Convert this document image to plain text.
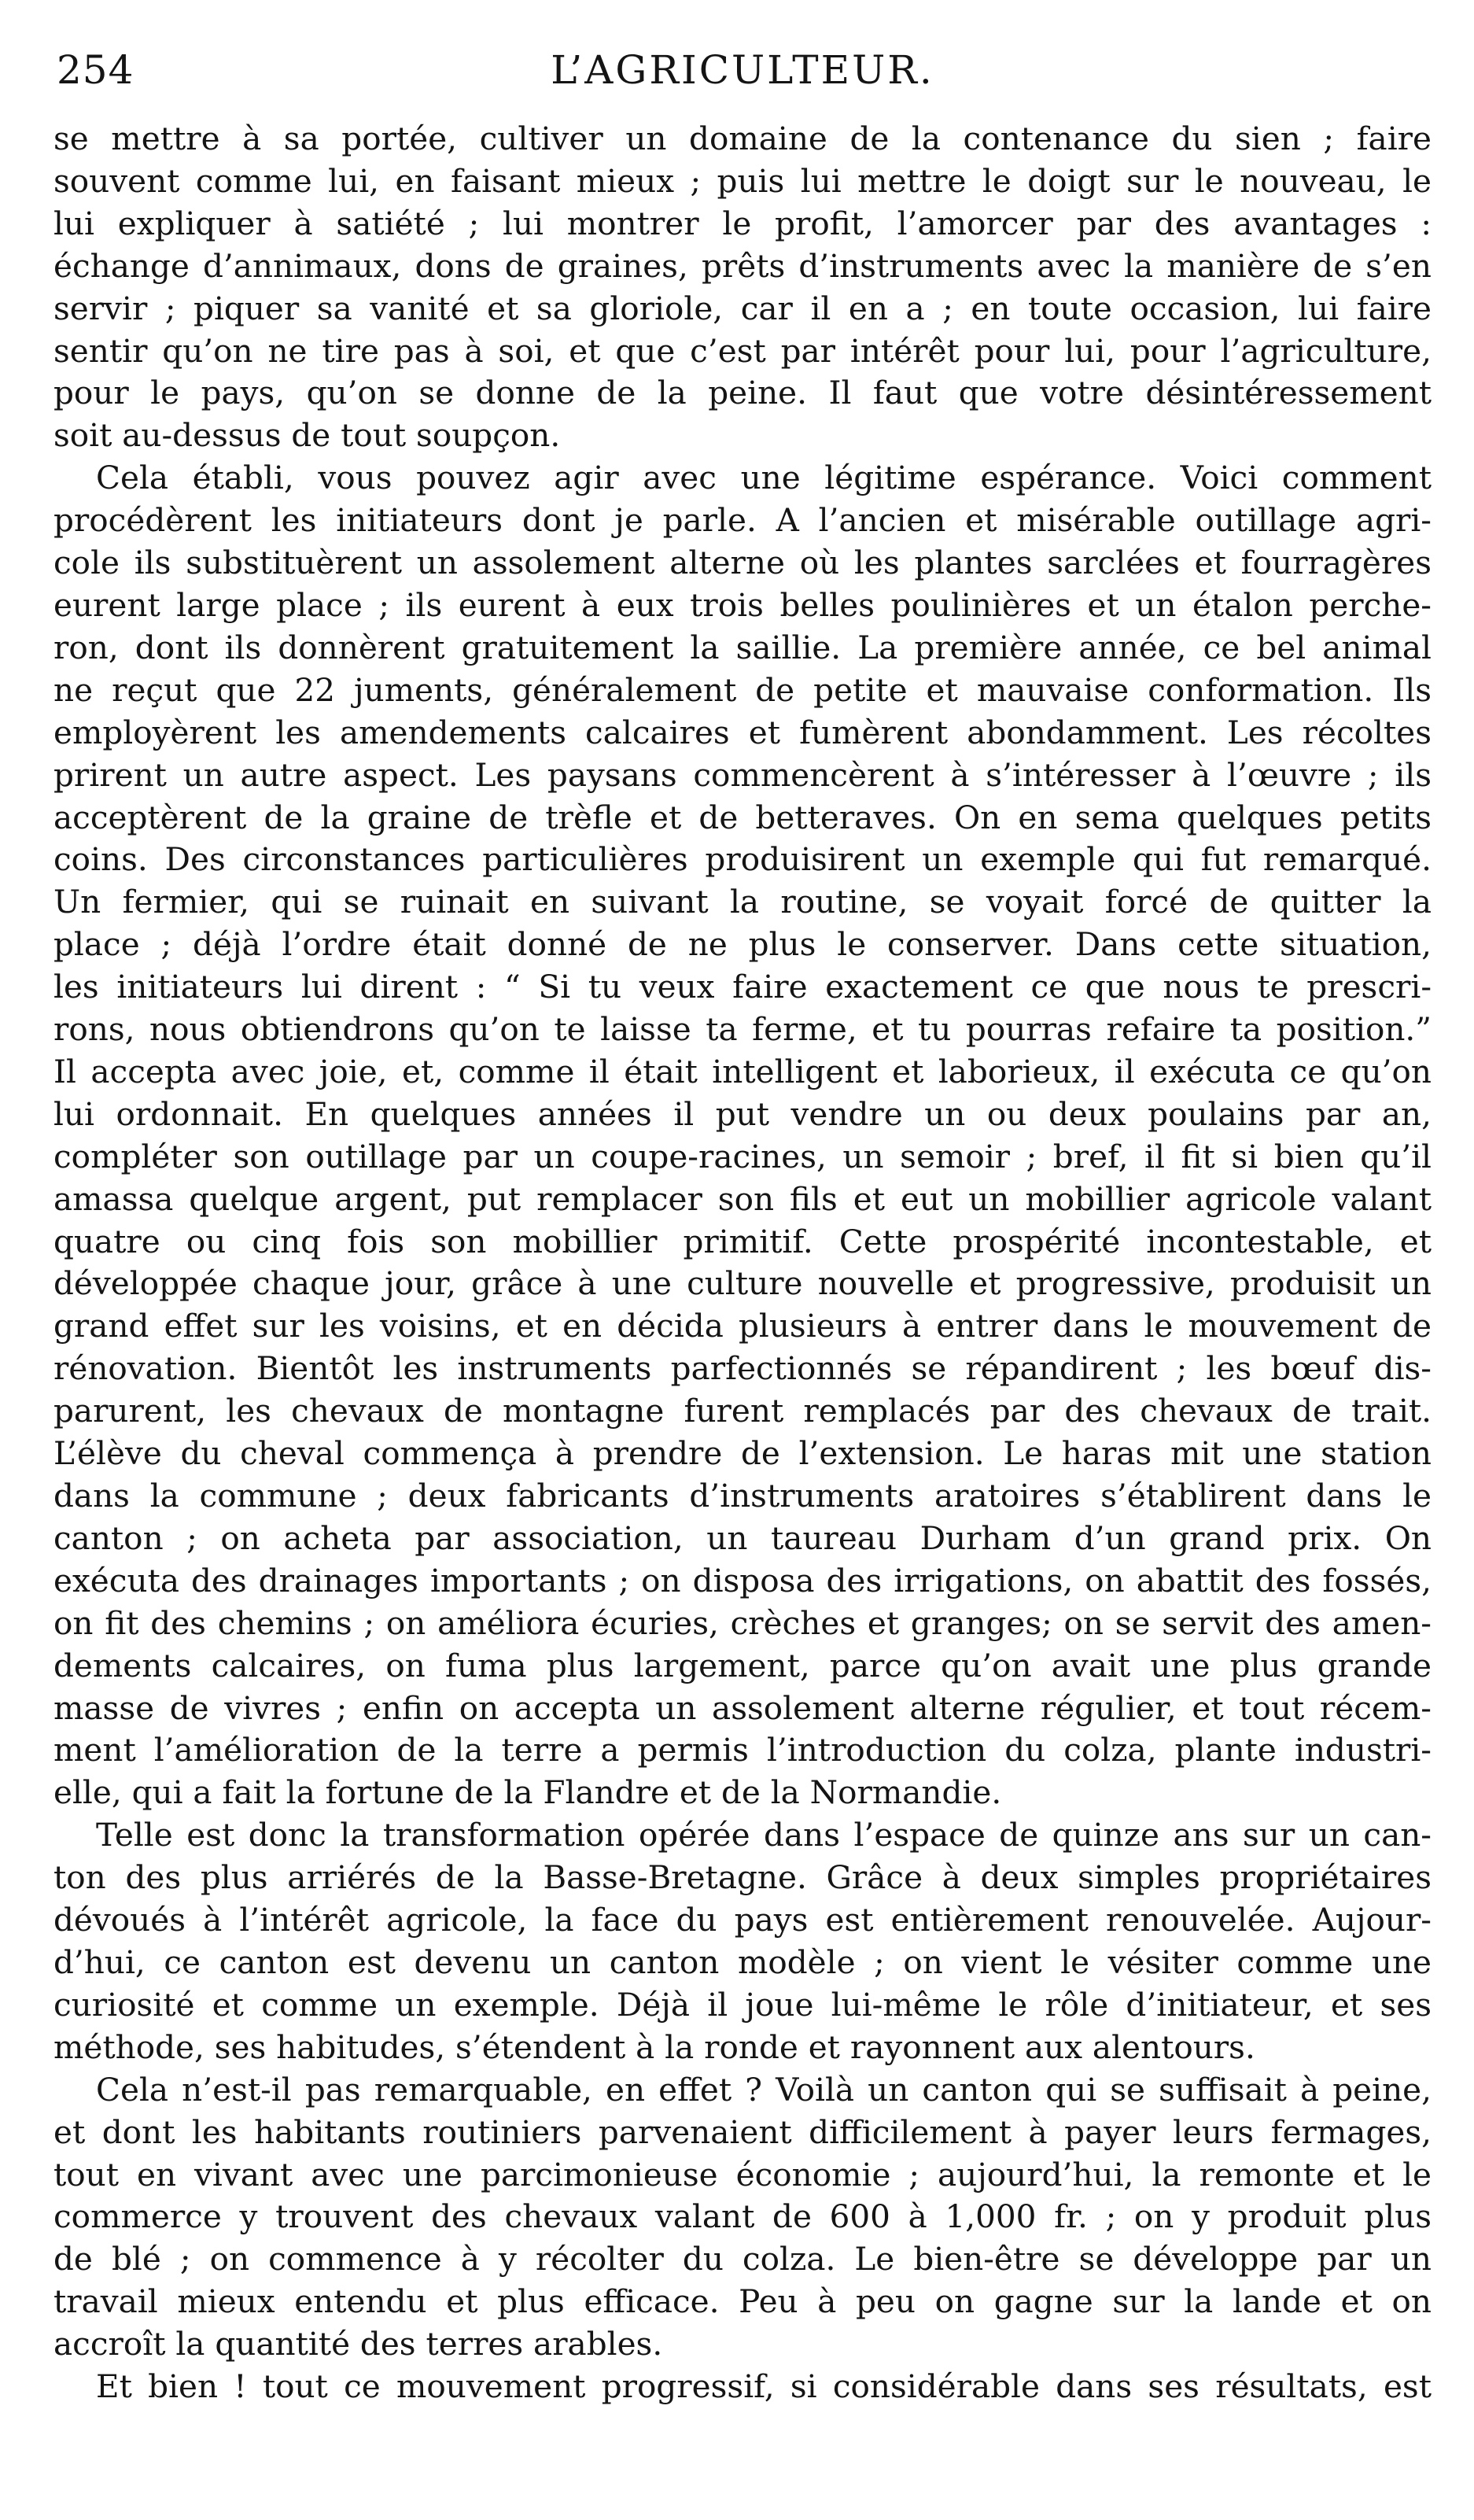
254	L’AGRICULTEUR.
se mettre à sa portée, cultiver un domaine de la contenance du sien ; faire
souvent comme lui, en faisant mieux ; puis lui mettre le doigt sur le nouveau, le
lui expliquer à satiété ; lui montrer le profit, l’amorcer par des avantages :
échange d’annimaux, dons de graines, prêts d’instruments avec la manière de s’en
servir ; piquer sa vanité et sa gloriole, car il en a ; en toute occasion, lui faire
sentir qu’on ne tire pas à soi, et que c’est par intérêt pour lui, pour l’agriculture,
pour le pays, qu’on se donne de la peine. Il faut que votre désintéressement
soit au-dessus de tout soupçon.
Cela établi, vous pouvez agir avec une légitime espérance. Voici comment
procédèrent les initiateurs dont je parle. A l’ancien et misérable outillage agri-
cole ils substituèrent un assolement alterne où les plantes sarclées et fourragères
eurent large place ; ils eurent à eux trois belles poulinières et un étalon perche-
ron, dont ils donnèrent gratuitement la saillie. La première année, ce bel animal
ne reçut que 22 juments, généralement de petite et mauvaise conformation. Ils
employèrent les amendements calcaires et fumèrent abondamment. Les récoltes
prirent un autre aspect. Les paysans commencèrent à s’intéresser à l’œuvre ; ils
acceptèrent de la graine de trèfle et de betteraves. On en sema quelques petits
coins. Des circonstances particulières produisirent un exemple qui fut remarqué.
Un fermier, qui se ruinait en suivant la routine, se voyait forcé de quitter la
place ; déjà l’ordre était donné de ne plus le conserver. Dans cette situation,
les initiateurs lui dirent : “ Si tu veux faire exactement ce que nous te prescri-
rons, nous obtiendrons qu’on te laisse ta ferme, et tu pourras refaire ta position.”
Il accepta avec joie, et, comme il était intelligent et laborieux, il exécuta ce qu’on
lui ordonnait. En quelques années il put vendre un ou deux poulains par an,
compléter son outillage par un coupe-racines, un semoir ; bref, il fit si bien qu’il
amassa quelque argent, put remplacer son fils et eut un mobillier agricole valant
quatre ou cinq fois son mobillier primitif. Cette prospérité incontestable, et
développée chaque jour, grâce à une culture nouvelle et progressive, produisit un
grand effet sur les voisins, et en décida plusieurs à entrer dans le mouvement de
rénovation. Bientôt les instruments parfectionnés se répandirent ; les bœuf dis-
parurent, les chevaux de montagne furent remplacés par des chevaux de trait.
L’élève du cheval commença à prendre de l’extension. Le haras mit une station
dans la commune ; deux fabricants d’instruments aratoires s’établirent dans le
canton ; on acheta par association, un taureau Durham d’un grand prix. On
exécuta des drainages importants ; on disposa des irrigations, on abattit des fossés,
on fit des chemins ; on améliora écuries, crèches et granges; on se servit des amen-
dements calcaires, on fuma plus largement, parce qu’on avait une plus grande
masse de vivres ; enfin on accepta un assolement alterne régulier, et tout récem-
ment l’amélioration de la terre a permis l’introduction du colza, plante industri-
elle, qui a fait la fortune de la Flandre et de la Normandie.
Telle est donc la transformation opérée dans l’espace de quinze ans sur un can-
ton des plus arriérés de la Basse-Bretagne. Grâce à deux simples propriétaires
dévoués à l’intérêt agricole, la face du pays est entièrement renouvelée. Aujour-
d’hui, ce canton est devenu un canton modèle ; on vient le vésiter comme une
curiosité et comme un exemple. Déjà il joue lui-même le rôle d’initiateur, et ses
méthode, ses habitudes, s’étendent à la ronde et rayonnent aux alentours.
Cela n’est-il pas remarquable, en effet ? Voilà un canton qui se suffisait à peine,
et dont les habitants routiniers parvenaient difficilement à payer leurs fermages,
tout en vivant avec une parcimonieuse économie ; aujourd’hui, la remonte et le
commerce y trouvent des chevaux valant de 600 à 1,000 fr. ; on y produit plus
de blé ; on commence à y récolter du colza. Le bien-être se développe par un
travail mieux entendu et plus efficace. Peu à peu on gagne sur la lande et on
accroît la quantité des terres arables.
Et bien ! tout ce mouvement progressif, si considérable dans ses résultats, est
